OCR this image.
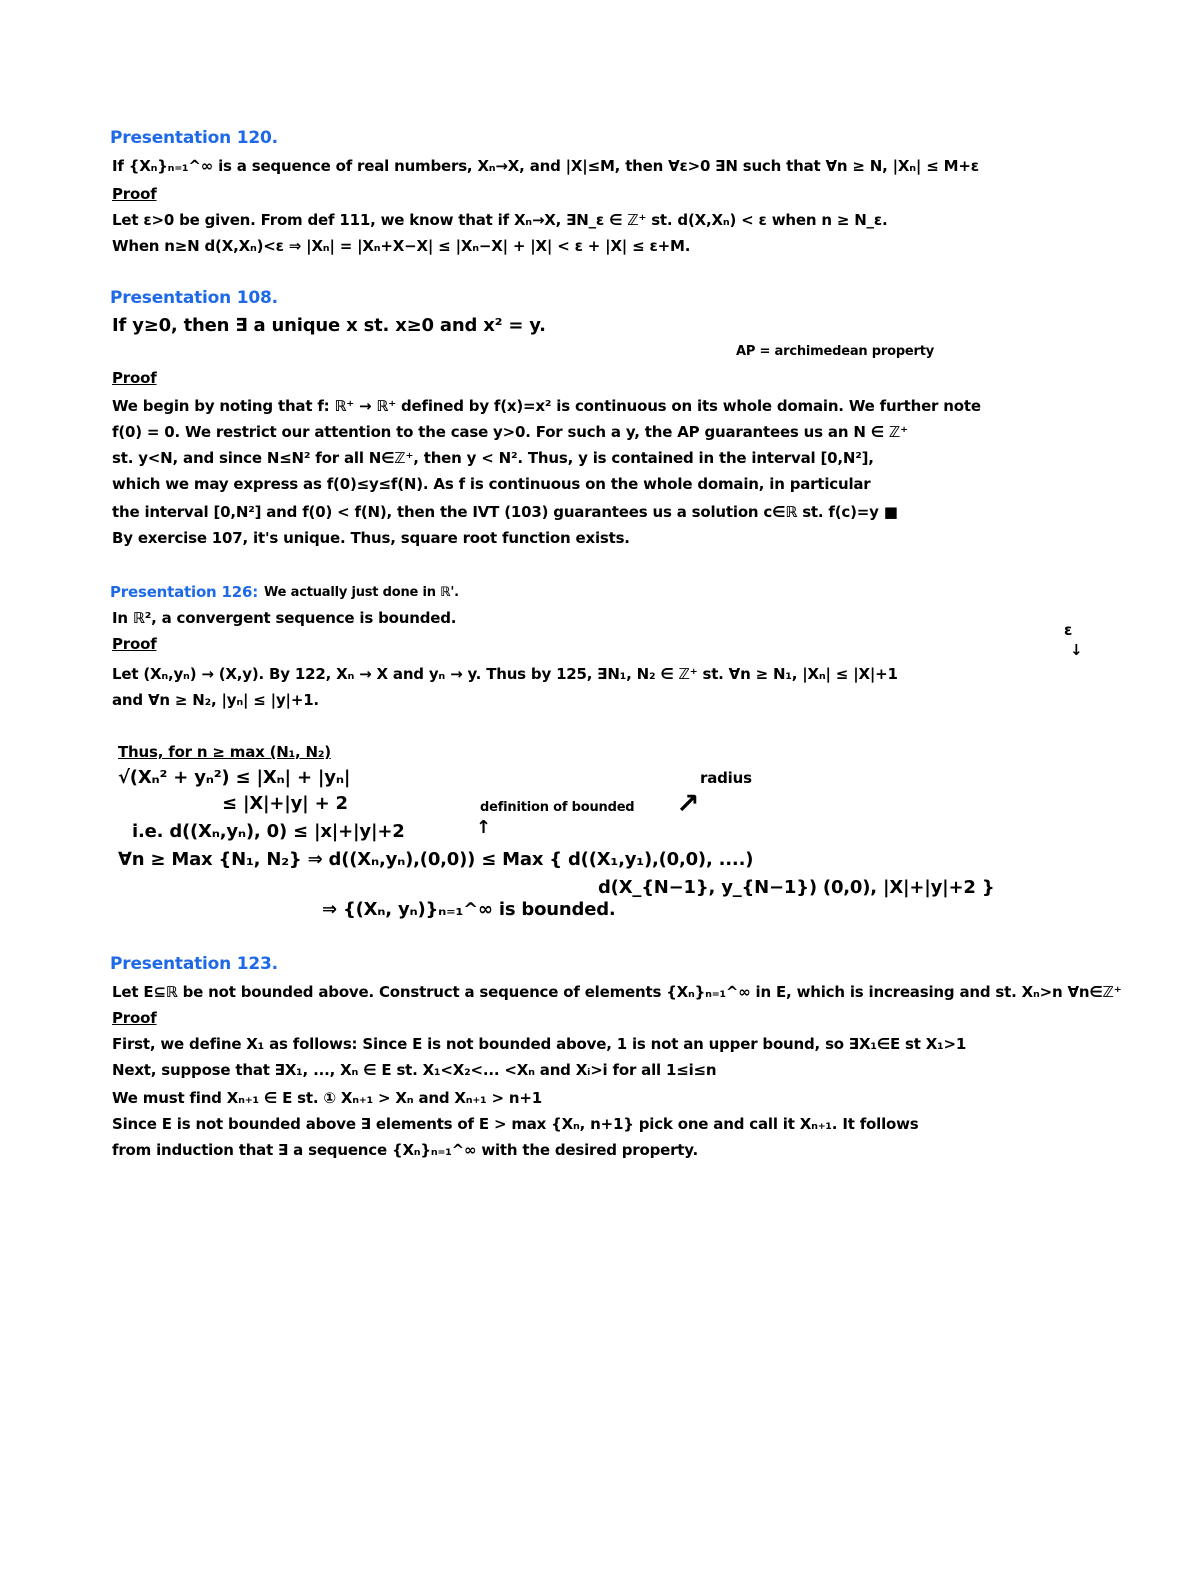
Presentation 120.
If {Xₙ}ₙ₌₁^∞ is a sequence of real numbers, Xₙ→X, and |X|≤M, then ∀ε>0 ∃N such that ∀n ≥ N, |Xₙ| ≤ M+ε
Proof
Let ε>0 be given. From def 111, we know that if Xₙ→X, ∃N_ε ∈ ℤ⁺ st. d(X,Xₙ) < ε when n ≥ N_ε.
When n≥N d(X,Xₙ)<ε ⇒ |Xₙ| = |Xₙ+X−X| ≤ |Xₙ−X| + |X| < ε + |X| ≤ ε+M.
Presentation 108.
If y≥0, then ∃ a unique x st. x≥0 and x² = y.
AP = archimedean property
Proof
We begin by noting that f: ℝ⁺ → ℝ⁺ defined by f(x)=x² is continuous on its whole domain. We further note
f(0) = 0. We restrict our attention to the case y>0. For such a y, the AP guarantees us an N ∈ ℤ⁺
st. y<N, and since N≤N² for all N∈ℤ⁺, then y < N². Thus, y is contained in the interval [0,N²],
which we may express as f(0)≤y≤f(N). As f is continuous on the whole domain, in particular
the interval [0,N²] and f(0) < f(N), then the IVT (103) guarantees us a solution c∈ℝ st. f(c)=y ■
By exercise 107, it's unique. Thus, square root function exists.
Presentation 126: We actually just done in ℝ'.
In ℝ², a convergent sequence is bounded.
Proof
ε
↓
Let (Xₙ,yₙ) → (X,y). By 122, Xₙ → X and yₙ → y. Thus by 125, ∃N₁, N₂ ∈ ℤ⁺ st. ∀n ≥ N₁, |Xₙ| ≤ |X|+1
and ∀n ≥ N₂, |yₙ| ≤ |y|+1.
Thus, for n ≥ max (N₁, N₂)
√(Xₙ² + yₙ²) ≤ |Xₙ| + |yₙ|
≤ |X|+|y| + 2	definition of bounded
radius
↗
i.e. d((Xₙ,yₙ), 0) ≤ |x|+|y|+2	↑
∀n ≥ Max {N₁, N₂} ⇒ d((Xₙ,yₙ),(0,0)) ≤ Max { d((X₁,y₁),(0,0), ....)
d(X_{N−1}, y_{N−1}) (0,0), |X|+|y|+2 }
⇒ {(Xₙ, yₙ)}ₙ₌₁^∞ is bounded.
Presentation 123.
Let E⊆ℝ be not bounded above. Construct a sequence of elements {Xₙ}ₙ₌₁^∞ in E, which is increasing and st. Xₙ>n ∀n∈ℤ⁺
Proof
First, we define X₁ as follows: Since E is not bounded above, 1 is not an upper bound, so ∃X₁∈E st X₁>1
Next, suppose that ∃X₁, ..., Xₙ ∈ E st. X₁<X₂<... <Xₙ and Xᵢ>i for all 1≤i≤n
We must find Xₙ₊₁ ∈ E st. ① Xₙ₊₁ > Xₙ and Xₙ₊₁ > n+1
Since E is not bounded above ∃ elements of E > max {Xₙ, n+1} pick one and call it Xₙ₊₁. It follows
from induction that ∃ a sequence {Xₙ}ₙ₌₁^∞ with the desired property.
